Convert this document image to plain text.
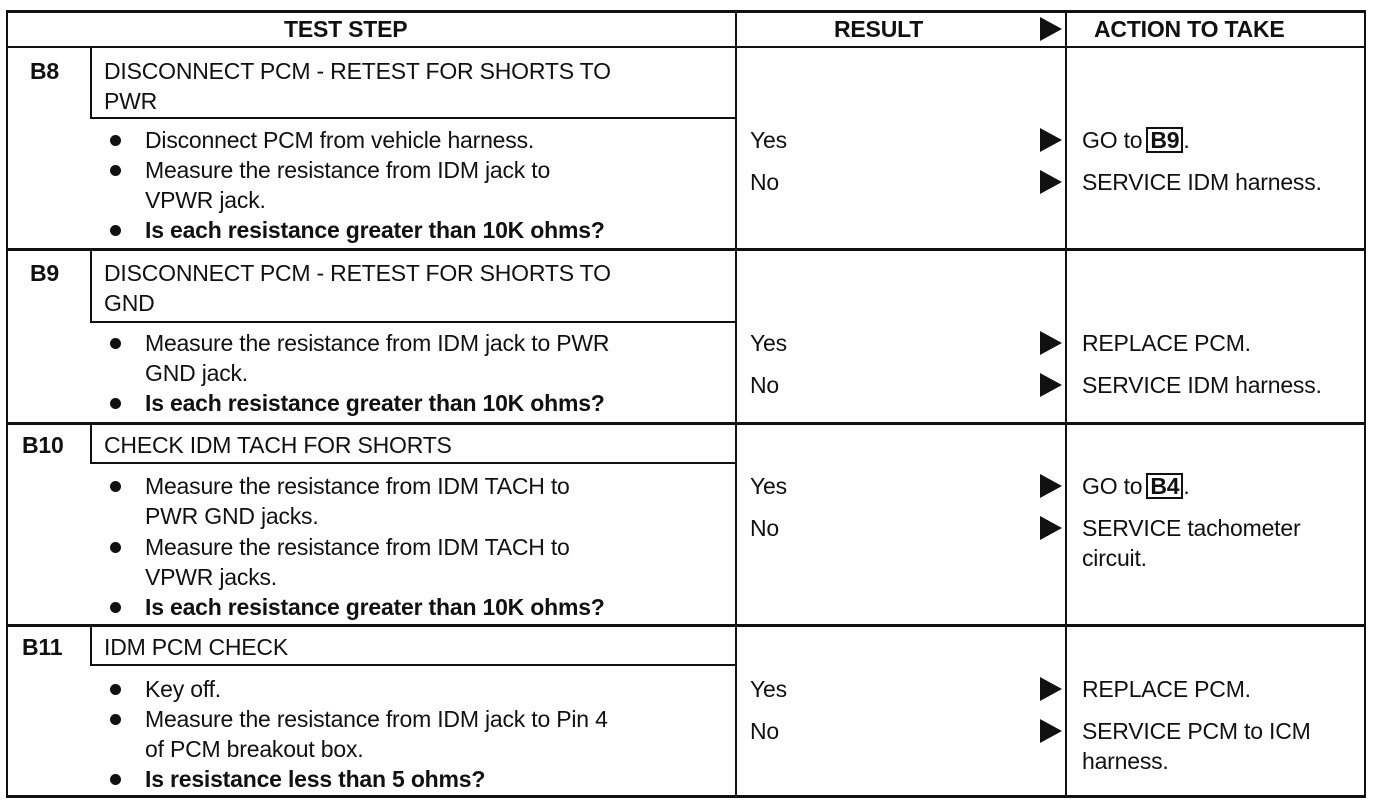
TEST STEP	RESULT	ACTION TO TAKE
B8 DISCONNECT PCM - RETEST FOR SHORTS TO
PWR
Disconnect PCM from vehicle harness.
Measure the resistance from IDM jack to
VPWR jack.
Is each resistance greater than 10K ohms?
Yes	GO to B9 .
No	SERVICE IDM harness.
B9 DISCONNECT PCM - RETEST FOR SHORTS TO
GND
Measure the resistance from IDM jack to PWR
GND jack.
Is each resistance greater than 10K ohms?
Yes	REPLACE PCM.
No	SERVICE IDM harness.
B10 CHECK IDM TACH FOR SHORTS
Measure the resistance from IDM TACH to
PWR GND jacks.
Measure the resistance from IDM TACH to
VPWR jacks.
Is each resistance greater than 10K ohms?
Yes	GO to B4 .
No	SERVICE tachometer
circuit.
B11 IDM PCM CHECK
Key off.
Measure the resistance from IDM jack to Pin 4
of PCM breakout box.
Is resistance less than 5 ohms?
Yes	REPLACE PCM.
No	SERVICE PCM to ICM
harness.
